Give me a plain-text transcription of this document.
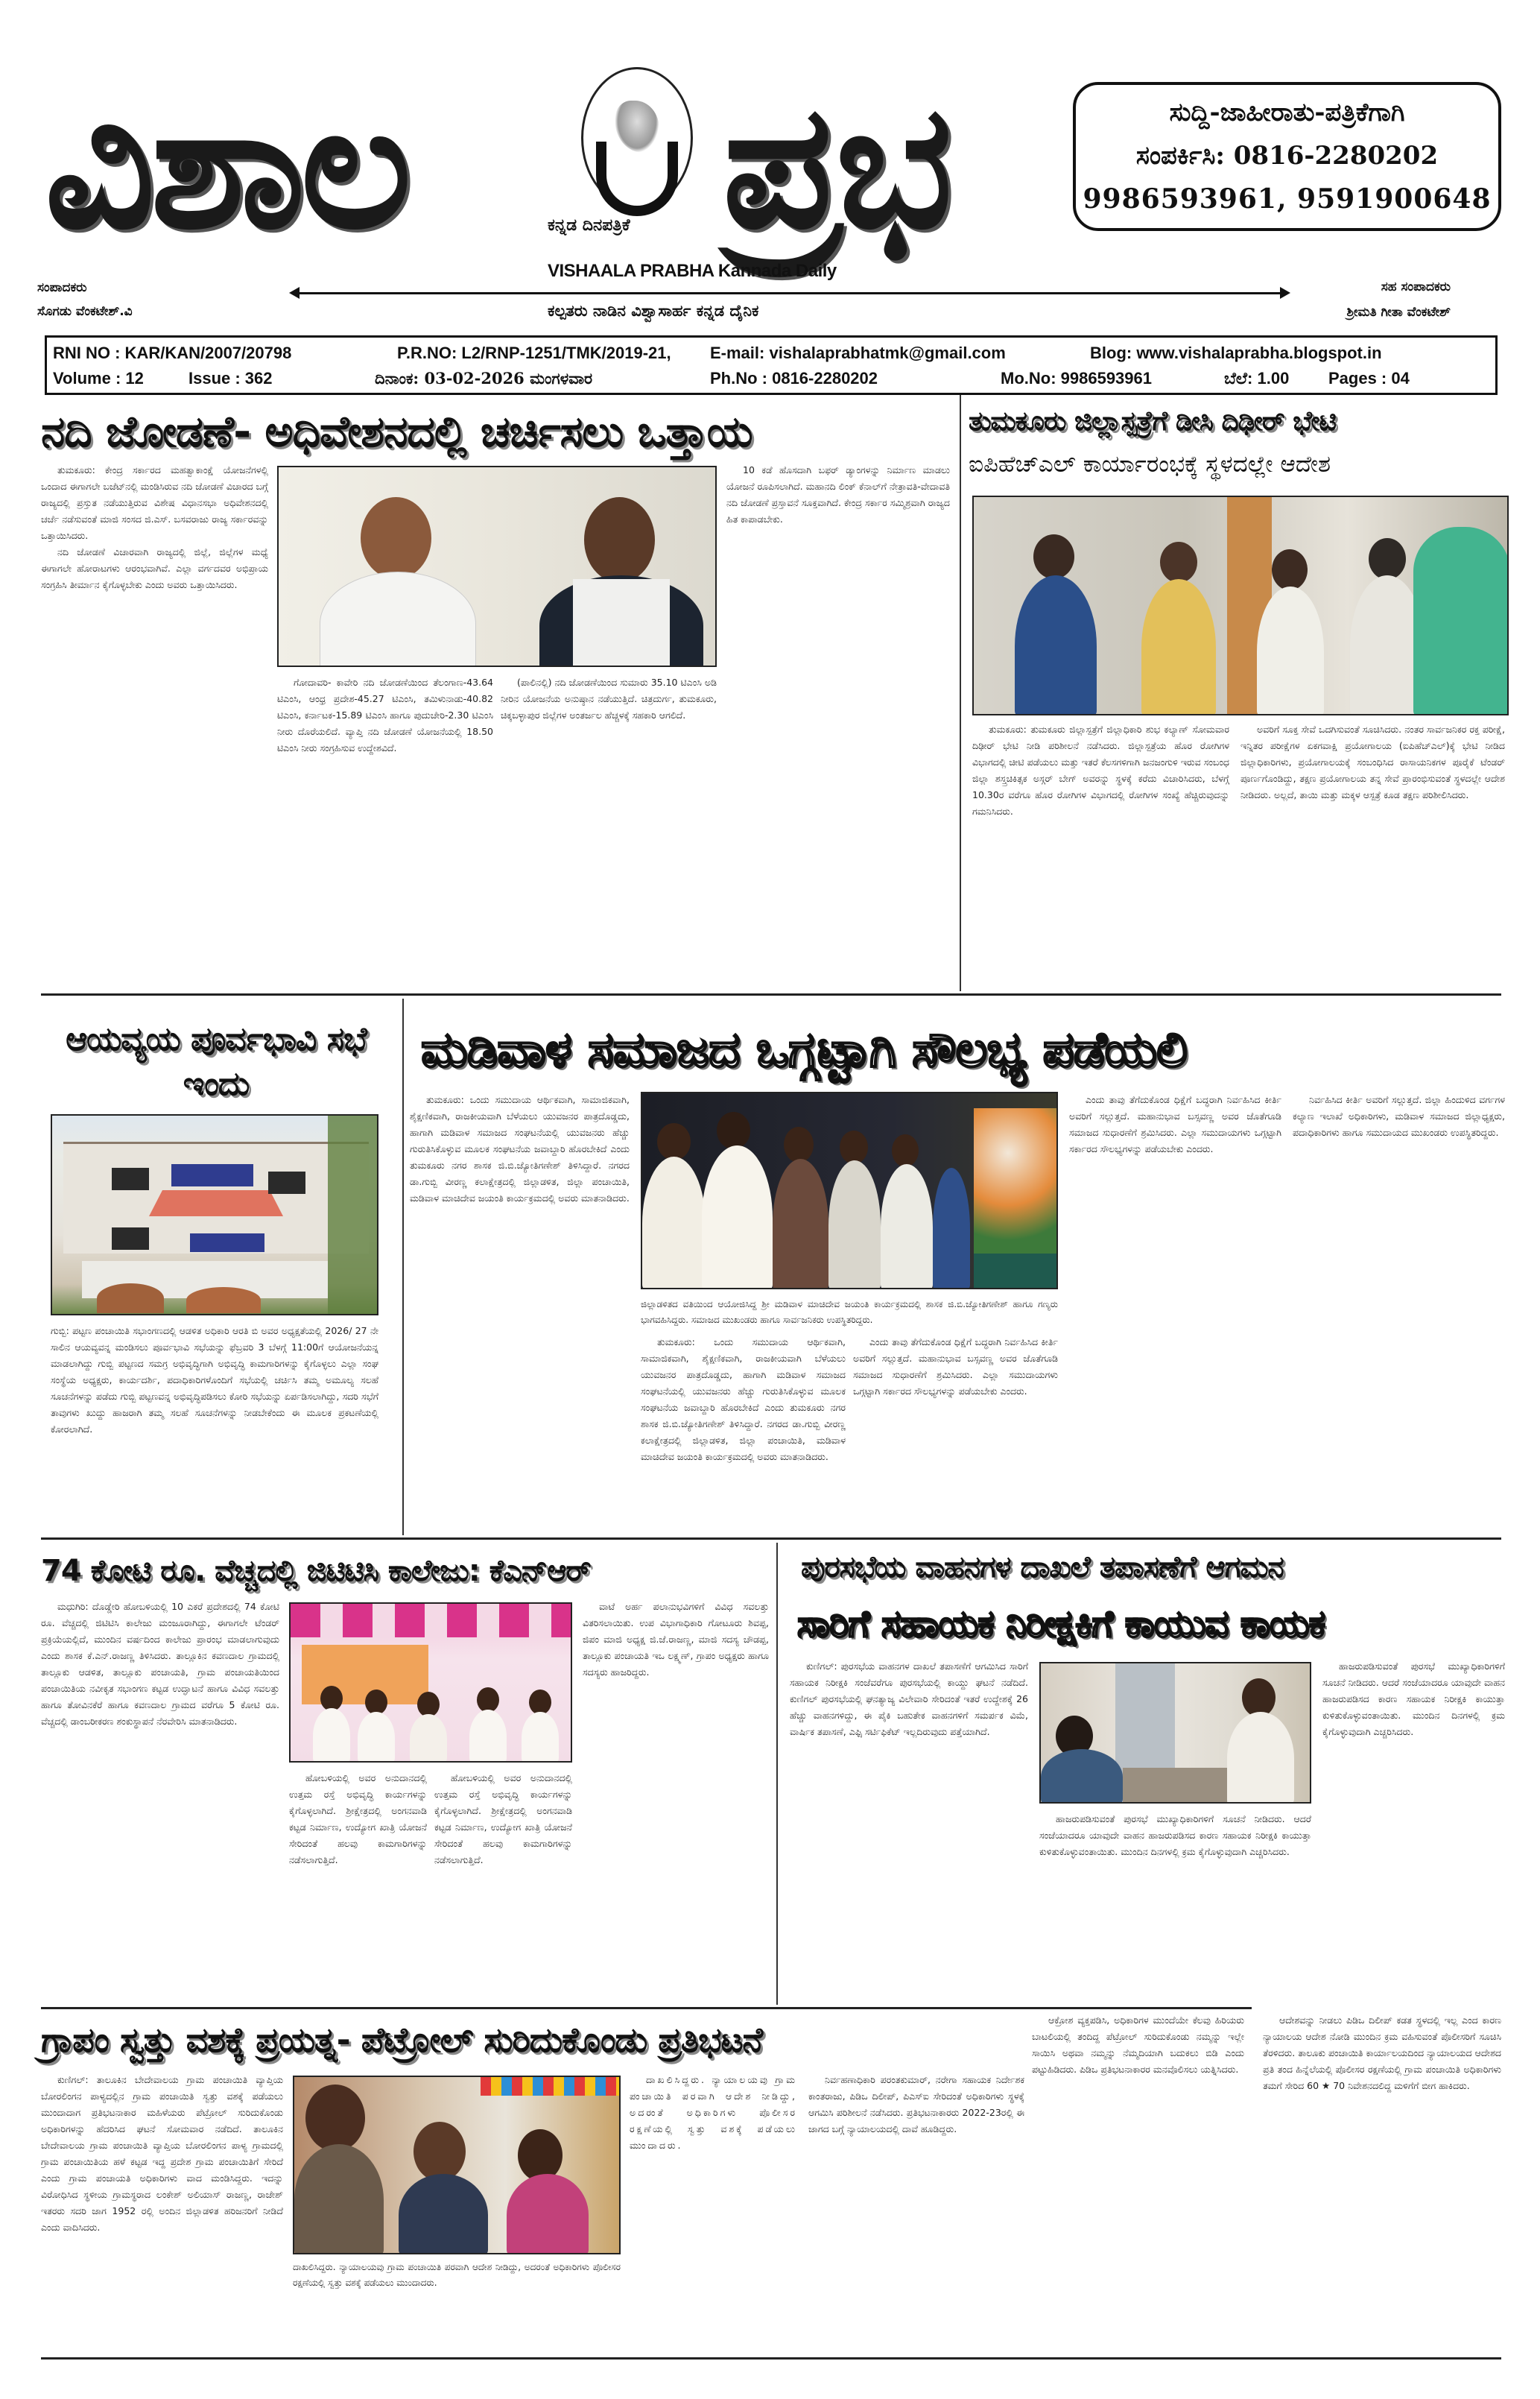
ವಿಶಾಲ ಪ್ರಭ
ಕನ್ನಡ ದಿನಪತ್ರಿಕೆ
VISHAALA PRABHA Kannada Daily
ಕಲ್ಪತರು ನಾಡಿನ ವಿಶ್ವಾಸಾರ್ಹ ಕನ್ನಡ ದೈನಿಕ
ಸಂಪಾದಕರು
ಸೊಗಡು ವೆಂಕಟೇಶ್.ವಿ
ಸಹ ಸಂಪಾದಕರು
ಶ್ರೀಮತಿ ಗೀತಾ ವೆಂಕಟೇಶ್
ಸುದ್ದಿ-ಜಾಹೀರಾತು-ಪತ್ರಿಕೆಗಾಗಿ
ಸಂಪರ್ಕಿಸಿ: 0816-2280202
9986593961, 9591900648
RNI NO : KAR/KAN/2007/20798	P.R.NO: L2/RNP-1251/TMK/2019-21, E-mail: vishalaprabhatmk@gmail.com	Blog: www.vishalaprabha.blogspot.in
Volume : 12	Issue : 362	ದಿನಾಂಕ: 03-02-2026 ಮಂಗಳವಾರ	Ph.No : 0816-2280202	Mo.No: 9986593961	ಬೆಲೆ: 1.00 Pages : 04
ನದಿ ಜೋಡಣೆ- ಅಧಿವೇಶನದಲ್ಲಿ ಚರ್ಚಿಸಲು ಒತ್ತಾಯ

ತುಮಕೂರು: ಕೇಂದ್ರ ಸರ್ಕಾರದ ಮಹತ್ವಾಕಾಂಕ್ಷೆ ಯೋಜನೆಗಳಲ್ಲಿ ಒಂದಾದ ಈಗಾಗಲೇ ಬಜೆಟ್‌ನಲ್ಲಿ ಮಂಡಿಸಿರುವ ನದಿ ಜೋಡಣೆ ವಿಚಾರದ ಬಗ್ಗೆ ರಾಜ್ಯದಲ್ಲಿ ಪ್ರಸ್ತುತ ನಡೆಯುತ್ತಿರುವ ವಿಶೇಷ ವಿಧಾನಸಭಾ ಅಧಿವೇಶನದಲ್ಲಿ ಚರ್ಚೆ ನಡೆಸುವಂತೆ ಮಾಜಿ ಸಂಸದ ಜಿ.ಎಸ್. ಬಸವರಾಜು ರಾಜ್ಯ ಸರ್ಕಾರವನ್ನು ಒತ್ತಾಯಿಸಿದರು.

ನದಿ ಜೋಡಣೆ ವಿಚಾರವಾಗಿ ರಾಜ್ಯದಲ್ಲಿ ಜಿಲ್ಲೆ, ಜಿಲ್ಲೆಗಳ ಮಧ್ಯೆ ಈಗಾಗಲೇ ಹೋರಾಟಗಳು ಆರಂಭವಾಗಿವೆ. ಎಲ್ಲಾ ವರ್ಗದವರ ಅಭಿಪ್ರಾಯ ಸಂಗ್ರಹಿಸಿ ತೀರ್ಮಾನ ಕೈಗೊಳ್ಳಬೇಕು ಎಂದು ಅವರು ಒತ್ತಾಯಿಸಿದರು.

ಗೋದಾವರಿ- ಕಾವೇರಿ ನದಿ ಜೋಡಣೆಯಿಂದ ತೆಲಂಗಾಣ-43.64 ಟಿಎಂಸಿ, ಆಂಧ್ರ ಪ್ರದೇಶ-45.27 ಟಿಎಂಸಿ, ತಮಿಳುನಾಡು-40.82 ಟಿಎಂಸಿ, ಕರ್ನಾಟಕ-15.89 ಟಿಎಂಸಿ ಹಾಗೂ ಪುದುಚೇರಿ-2.30 ಟಿಎಂಸಿ ನೀರು ದೊರೆಯಲಿದೆ. ವ್ಯಾಪ್ತಿ ನದಿ ಜೋಡಣೆ ಯೋಜನೆಯಲ್ಲಿ 18.50 ಟಿಎಂಸಿ ನೀರು ಸಂಗ್ರಹಿಸುವ ಉದ್ದೇಶವಿದೆ.

(ಪಾಲಿನಲ್ಲಿ) ನದಿ ಜೋಡಣೆಯಿಂದ ಸುಮಾರು 35.10 ಟಿಎಂಸಿ ಅಡಿ ನೀರಿನ ಯೋಜನೆಯ ಅನುಷ್ಠಾನ ನಡೆಯುತ್ತಿದೆ. ಚಿತ್ರದುರ್ಗ, ತುಮಕೂರು, ಚಿಕ್ಕಬಳ್ಳಾಪುರ ಜಿಲ್ಲೆಗಳ ಅಂತರ್ಜಲ ಹೆಚ್ಚಳಕ್ಕೆ ಸಹಕಾರಿ ಆಗಲಿದೆ.

10 ಕಡೆ ಹೊಸದಾಗಿ ಬಫರ್ ಡ್ಯಾಂಗಳನ್ನು ನಿರ್ಮಾಣ ಮಾಡಲು ಯೋಜನೆ ರೂಪಿಸಲಾಗಿದೆ. ಮಹಾನದಿ ಲಿಂಕ್ ಕೆನಾಲ್‌ಗೆ ನೇತ್ರಾವತಿ-ವೇದಾವತಿ ನದಿ ಜೋಡಣೆ ಪ್ರಸ್ತಾವನೆ ಸೂಕ್ತವಾಗಿದೆ. ಕೇಂದ್ರ ಸರ್ಕಾರ ಸಮ್ಮಿಶ್ರವಾಗಿ ರಾಜ್ಯದ ಹಿತ ಕಾಪಾಡಬೇಕು.

ತುಮಕೂರು ಜಿಲ್ಲಾಸ್ಪತ್ರೆಗೆ ಡೀಸಿ ದಿಢೀರ್ ಭೇಟಿ
ಐಪಿಹೆಚ್‌ಎಲ್ ಕಾರ್ಯಾರಂಭಕ್ಕೆ ಸ್ಥಳದಲ್ಲೇ ಆದೇಶ

ತುಮಕೂರು: ತುಮಕೂರು ಜಿಲ್ಲಾಸ್ಪತ್ರೆಗೆ ಜಿಲ್ಲಾಧಿಕಾರಿ ಶುಭ ಕಲ್ಯಾಣ್ ಸೋಮವಾರ ದಿಢೀರ್ ಭೇಟಿ ನೀಡಿ ಪರಿಶೀಲನೆ ನಡೆಸಿದರು. ಜಿಲ್ಲಾಸ್ಪತ್ರೆಯ ಹೊರ ರೋಗಿಗಳ ವಿಭಾಗದಲ್ಲಿ ಚೀಟಿ ಪಡೆಯಲು ಮತ್ತು ಇತರೆ ಕೆಲಸಗಳಿಗಾಗಿ ಜನಜಂಗುಳಿ ಇರುವ ಸಂಬಂಧ ಜಿಲ್ಲಾ ಶಸ್ತ್ರಚಿಕಿತ್ಸಕ ಅಸ್ಗರ್ ಬೇಗ್ ಅವರನ್ನು ಸ್ಥಳಕ್ಕೆ ಕರೆದು ವಿಚಾರಿಸಿದರು, ಬೆಳಗ್ಗೆ 10.30ರ ವರೆಗೂ ಹೊರ ರೋಗಿಗಳ ವಿಭಾಗದಲ್ಲಿ ರೋಗಿಗಳ ಸಂಖ್ಯೆ ಹೆಚ್ಚಿರುವುದನ್ನು ಗಮನಿಸಿದರು.

ಅವರಿಗೆ ಸೂಕ್ತ ಸೇವೆ ಒದಗಿಸುವಂತೆ ಸೂಚಿಸಿದರು. ನಂತರ ಸಾರ್ವಜನಿಕರ ರಕ್ತ ಪರೀಕ್ಷೆ, ಇನ್ನಿತರ ಪರೀಕ್ಷೆಗಳ ಏಕಗವಾಕ್ಷಿ ಪ್ರಯೋಗಾಲಯ (ಐಪಿಹೆಚ್‌ಎಲ್)ಕ್ಕೆ ಭೇಟಿ ನೀಡಿದ ಜಿಲ್ಲಾಧಿಕಾರಿಗಳು, ಪ್ರಯೋಗಾಲಯಕ್ಕೆ ಸಂಬಂಧಿಸಿದ ರಾಸಾಯನಿಕಗಳ ಪೂರೈಕೆ ಟೆಂಡರ್ ಪೂರ್ಣಗೊಂಡಿದ್ದು, ತಕ್ಷಣ ಪ್ರಯೋಗಾಲಯ ತನ್ನ ಸೇವೆ ಪ್ರಾರಂಭಿಸುವಂತೆ ಸ್ಥಳದಲ್ಲೇ ಆದೇಶ ನೀಡಿದರು. ಅಲ್ಲದೆ, ತಾಯಿ ಮತ್ತು ಮಕ್ಕಳ ಆಸ್ಪತ್ರೆ ಕೂಡ ತಕ್ಷಣ ಪರಿಶೀಲಿಸಿದರು.

ಆಯವ್ಯಯ ಪೂರ್ವಭಾವಿ ಸಭೆ ಇಂದು

ಗುಬ್ಬಿ: ಪಟ್ಟಣ ಪಂಚಾಯಿತಿ ಸಭಾಂಗಣದಲ್ಲಿ ಆಡಳಿತ ಅಧಿಕಾರಿ ಆರತಿ ಬಿ ಅವರ ಅಧ್ಯಕ್ಷತೆಯಲ್ಲಿ 2026/ 27 ನೇ ಸಾಲಿನ ಆಯವ್ಯವನ್ನ ಮಂಡಿಸಲು ಪೂರ್ವಭಾವಿ ಸಭೆಯನ್ನು ಫೆಬ್ರವರಿ 3 ಬೆಳಗ್ಗೆ 11:00ಗೆ ಆಯೋಜನೆಯನ್ನ ಮಾಡಲಾಗಿದ್ದು ಗುಬ್ಬಿ ಪಟ್ಟಣದ ಸಮಗ್ರ ಅಭಿವೃದ್ಧಿಗಾಗಿ ಅಭಿವೃದ್ಧಿ ಕಾಮಗಾರಿಗಳನ್ನು ಕೈಗೊಳ್ಳಲು ಎಲ್ಲಾ ಸಂಘ ಸಂಸ್ಥೆಯ ಅಧ್ಯಕ್ಷರು, ಕಾರ್ಯದರ್ಶಿ, ಪದಾಧಿಕಾರಿಗಳೊಂದಿಗೆ ಸಭೆಯಲ್ಲಿ ಚರ್ಚಿಸಿ ತಮ್ಮ ಅಮೂಲ್ಯ ಸಲಹೆ ಸೂಚನೆಗಳನ್ನು ಪಡೆದು ಗುಬ್ಬಿ ಪಟ್ಟಣವನ್ನ ಅಭಿವೃದ್ಧಿಪಡಿಸಲು ಕೋರಿ ಸಭೆಯನ್ನು ಏರ್ಪಡಿಸಲಾಗಿದ್ದು, ಸದರಿ ಸಭೆಗೆ ತಾವುಗಳು ಖುದ್ದು ಹಾಜರಾಗಿ ತಮ್ಮ ಸಲಹೆ ಸೂಚನೆಗಳನ್ನು ನೀಡಬೇಕೆಂದು ಈ ಮೂಲಕ ಪ್ರಕಟಣೆಯಲ್ಲಿ ಕೋರಲಾಗಿದೆ.

ಮಡಿವಾಳ ಸಮಾಜದ ಒಗ್ಗಟ್ಟಾಗಿ ಸೌಲಭ್ಯ ಪಡೆಯಲಿ

ತುಮಕೂರು: ಒಂದು ಸಮುದಾಯ ಆರ್ಥಿಕವಾಗಿ, ಸಾಮಾಜಿಕವಾಗಿ, ಶೈಕ್ಷಣಿಕವಾಗಿ, ರಾಜಕೀಯವಾಗಿ ಬೆಳೆಯಲು ಯುವಜನರ ಪಾತ್ರದೊಡ್ಡದು, ಹಾಗಾಗಿ ಮಡಿವಾಳ ಸಮಾಜದ ಸಂಘಟನೆಯಲ್ಲಿ ಯುವಜನರು ಹೆಚ್ಚು ಗುರುತಿಸಿಕೊಳ್ಳುವ ಮೂಲಕ ಸಂಘಟನೆಯ ಜವಾಬ್ದಾರಿ ಹೊರಬೇಕಿದೆ ಎಂದು ತುಮಕೂರು ನಗರ ಶಾಸಕ ಜಿ.ಬಿ.ಜ್ಯೋತಿಗಣೇಶ್ ತಿಳಿಸಿದ್ದಾರೆ. ನಗರದ ಡಾ.ಗುಬ್ಬಿ ವೀರಣ್ಣ ಕಲಾಕ್ಷೇತ್ರದಲ್ಲಿ ಜಿಲ್ಲಾಡಳಿತ, ಜಿಲ್ಲಾ ಪಂಚಾಯಿತಿ, ಮಡಿವಾಳ ಮಾಚಿದೇವ ಜಯಂತಿ ಕಾರ್ಯಕ್ರಮದಲ್ಲಿ ಅವರು ಮಾತನಾಡಿದರು.

ಜಿಲ್ಲಾಡಳಿತದ ವತಿಯಿಂದ ಆಯೋಜಿಸಿದ್ದ ಶ್ರೀ ಮಡಿವಾಳ ಮಾಚಿದೇವ ಜಯಂತಿ ಕಾರ್ಯಕ್ರಮದಲ್ಲಿ ಶಾಸಕ ಜಿ.ಬಿ.ಜ್ಯೋತಿಗಣೇಶ್ ಹಾಗೂ ಗಣ್ಯರು ಭಾಗವಹಿಸಿದ್ದರು. ಸಮಾಜದ ಮುಖಂಡರು ಹಾಗೂ ಸಾರ್ವಜನಿಕರು ಉಪಸ್ಥಿತರಿದ್ದರು.

ತುಮಕೂರು: ಒಂದು ಸಮುದಾಯ ಆರ್ಥಿಕವಾಗಿ, ಸಾಮಾಜಿಕವಾಗಿ, ಶೈಕ್ಷಣಿಕವಾಗಿ, ರಾಜಕೀಯವಾಗಿ ಬೆಳೆಯಲು ಯುವಜನರ ಪಾತ್ರದೊಡ್ಡದು, ಹಾಗಾಗಿ ಮಡಿವಾಳ ಸಮಾಜದ ಸಂಘಟನೆಯಲ್ಲಿ ಯುವಜನರು ಹೆಚ್ಚು ಗುರುತಿಸಿಕೊಳ್ಳುವ ಮೂಲಕ ಸಂಘಟನೆಯ ಜವಾಬ್ದಾರಿ ಹೊರಬೇಕಿದೆ ಎಂದು ತುಮಕೂರು ನಗರ ಶಾಸಕ ಜಿ.ಬಿ.ಜ್ಯೋತಿಗಣೇಶ್ ತಿಳಿಸಿದ್ದಾರೆ. ನಗರದ ಡಾ.ಗುಬ್ಬಿ ವೀರಣ್ಣ ಕಲಾಕ್ಷೇತ್ರದಲ್ಲಿ ಜಿಲ್ಲಾಡಳಿತ, ಜಿಲ್ಲಾ ಪಂಚಾಯಿತಿ, ಮಡಿವಾಳ ಮಾಚಿದೇವ ಜಯಂತಿ ಕಾರ್ಯಕ್ರಮದಲ್ಲಿ ಅವರು ಮಾತನಾಡಿದರು.

ಎಂದು ತಾವು ತೆಗೆದುಕೊಂಡ ಧಿಕ್ಷೆಗೆ ಬದ್ಧರಾಗಿ ನಿರ್ವಹಿಸಿದ ಕೀರ್ತಿ ಅವರಿಗೆ ಸಲ್ಲುತ್ತದೆ. ಮಹಾನುಭಾವ ಬಸ್ಸವಣ್ಣ ಅವರ ಜೊತೆಗೂಡಿ ಸಮಾಜದ ಸುಧಾರಣೆಗೆ ಶ್ರಮಿಸಿದರು. ಎಲ್ಲಾ ಸಮುದಾಯಗಳು ಒಗ್ಗಟ್ಟಾಗಿ ಸರ್ಕಾರದ ಸೌಲಭ್ಯಗಳನ್ನು ಪಡೆಯಬೇಕು ಎಂದರು.

ಎಂದು ತಾವು ತೆಗೆದುಕೊಂಡ ಧಿಕ್ಷೆಗೆ ಬದ್ಧರಾಗಿ ನಿರ್ವಹಿಸಿದ ಕೀರ್ತಿ ಅವರಿಗೆ ಸಲ್ಲುತ್ತದೆ. ಮಹಾನುಭಾವ ಬಸ್ಸವಣ್ಣ ಅವರ ಜೊತೆಗೂಡಿ ಸಮಾಜದ ಸುಧಾರಣೆಗೆ ಶ್ರಮಿಸಿದರು. ಎಲ್ಲಾ ಸಮುದಾಯಗಳು ಒಗ್ಗಟ್ಟಾಗಿ ಸರ್ಕಾರದ ಸೌಲಭ್ಯಗಳನ್ನು ಪಡೆಯಬೇಕು ಎಂದರು.

ನಿರ್ವಹಿಸಿದ ಕೀರ್ತಿ ಅವರಿಗೆ ಸಲ್ಲುತ್ತದೆ. ಜಿಲ್ಲಾ ಹಿಂದುಳಿದ ವರ್ಗಗಳ ಕಲ್ಯಾಣ ಇಲಾಖೆ ಅಧಿಕಾರಿಗಳು, ಮಡಿವಾಳ ಸಮಾಜದ ಜಿಲ್ಲಾಧ್ಯಕ್ಷರು, ಪದಾಧಿಕಾರಿಗಳು ಹಾಗೂ ಸಮುದಾಯದ ಮುಖಂಡರು ಉಪಸ್ಥಿತರಿದ್ದರು.

74 ಕೋಟಿ ರೂ. ವೆಚ್ಚದಲ್ಲಿ ಜಿಟಿಟಿಸಿ ಕಾಲೇಜು: ಕೆಎನ್‌ಆರ್

ಮಧುಗಿರಿ: ದೊಡ್ಡೇರಿ ಹೋಬಳಿಯಲ್ಲಿ 10 ಎಕರೆ ಪ್ರದೇಶದಲ್ಲಿ 74 ಕೋಟಿ ರೂ. ವೆಚ್ಚದಲ್ಲಿ ಜಿಟಿಟಿಸಿ ಕಾಲೇಜು ಮಂಜೂರಾಗಿದ್ದು, ಈಗಾಗಲೇ ಟೆಂಡರ್ ಪ್ರಕ್ರಿಯೆಯಲ್ಲಿದೆ, ಮುಂದಿನ ವರ್ಷದಿಂದ ಕಾಲೇಜು ಪ್ರಾರಂಭ ಮಾಡಲಾಗುವುದು ಎಂದು ಶಾಸಕ ಕೆ.ಎನ್.ರಾಜಣ್ಣ ತಿಳಿಸಿದರು. ತಾಲ್ಲೂಕಿನ ಕವಣದಾಲ ಗ್ರಾಮದಲ್ಲಿ ತಾಲ್ಲೂಕು ಆಡಳಿತ, ತಾಲ್ಲೂಕು ಪಂಚಾಯತಿ, ಗ್ರಾಮ ಪಂಚಾಯತಿಯಿಂದ ಪಂಚಾಯಿತಿಯ ನವೀಕೃತ ಸಭಾಂಗಣ ಕಟ್ಟಡ ಉದ್ಘಾಟನೆ ಹಾಗೂ ವಿವಿಧ ಸವಲತ್ತು ಹಾಗೂ ತೋವಿನಕೆರೆ ಹಾಗೂ ಕವಣದಾಲ ಗ್ರಾಮದ ವರೆಗೂ 5 ಕೋಟಿ ರೂ. ವೆಚ್ಚದಲ್ಲಿ ಡಾಂಬರೀಕರಣ ಶಂಕುಸ್ಥಾಪನೆ ನೆರವೇರಿಸಿ ಮಾತನಾಡಿದರು.

ಹೋಬಳಿಯಲ್ಲಿ ಅವರ ಅನುದಾನದಲ್ಲಿ ಉತ್ತಮ ರಸ್ತೆ ಅಭಿವೃದ್ಧಿ ಕಾರ್ಯಗಳನ್ನು ಕೈಗೊಳ್ಳಲಾಗಿದೆ. ಶ್ರೀಕ್ಷೇತ್ರದಲ್ಲಿ ಅಂಗನವಾಡಿ ಕಟ್ಟಡ ನಿರ್ಮಾಣ, ಉದ್ಯೋಗ ಖಾತ್ರಿ ಯೋಜನೆ ಸೇರಿದಂತೆ ಹಲವು ಕಾಮಗಾರಿಗಳನ್ನು ನಡೆಸಲಾಗುತ್ತಿದೆ.

ಹೋಬಳಿಯಲ್ಲಿ ಅವರ ಅನುದಾನದಲ್ಲಿ ಉತ್ತಮ ರಸ್ತೆ ಅಭಿವೃದ್ಧಿ ಕಾರ್ಯಗಳನ್ನು ಕೈಗೊಳ್ಳಲಾಗಿದೆ. ಶ್ರೀಕ್ಷೇತ್ರದಲ್ಲಿ ಅಂಗನವಾಡಿ ಕಟ್ಟಡ ನಿರ್ಮಾಣ, ಉದ್ಯೋಗ ಖಾತ್ರಿ ಯೋಜನೆ ಸೇರಿದಂತೆ ಹಲವು ಕಾಮಗಾರಿಗಳನ್ನು ನಡೆಸಲಾಗುತ್ತಿದೆ.

ವಾಟೆ ಅರ್ಹ ಪಲಾನುಭವಿಗಳಿಗೆ ವಿವಿಧ ಸವಲತ್ತು ವಿತರಿಸಲಾಯಿತು. ಉಪ ವಿಭಾಗಾಧಿಕಾರಿ ಗೋಟೂರು ಶಿವಪ್ಪ, ಜಿಪಂ ಮಾಜಿ ಅಧ್ಯಕ್ಷ ಜಿ.ಜೆ.ರಾಜಣ್ಣ, ಮಾಜಿ ಸದಸ್ಯ ಚೌಡಪ್ಪ, ತಾಲ್ಲೂಕು ಪಂಚಾಯತಿ ಇಒ ಲಕ್ಷ್ಮಣ್, ಗ್ರಾಪಂ ಅಧ್ಯಕ್ಷರು ಹಾಗೂ ಸದಸ್ಯರು ಹಾಜರಿದ್ದರು.

ಪುರಸಭೆಯ ವಾಹನಗಳ ದಾಖಲೆ ತಪಾಸಣೆಗೆ ಆಗಮನ
ಸಾರಿಗೆ ಸಹಾಯಕ ನಿರೀಕ್ಷಕಿಗೆ ಕಾಯುವ ಕಾಯಕ

ಕುಣಿಗಲ್: ಪುರಸಭೆಯ ವಾಹನಗಳ ದಾಖಲೆ ತಪಾಸಣೆಗೆ ಆಗಮಿಸಿದ ಸಾರಿಗೆ ಸಹಾಯಕ ನಿರೀಕ್ಷಕಿ ಸಂಜೆವರೆಗೂ ಪುರಸಭೆಯಲ್ಲಿ ಕಾಯ್ದು ಘಟನೆ ನಡೆದಿದೆ. ಕುಣಿಗಲ್ ಪುರಸಭೆಯಲ್ಲಿ ಘನತ್ಯಾಜ್ಯ ವಿಲೇವಾರಿ ಸೇರಿದಂತೆ ಇತರೆ ಉದ್ದೇಶಕ್ಕೆ 26 ಹೆಚ್ಚು ವಾಹನಗಳಿದ್ದು, ಈ ಪೈಕಿ ಬಹುತೇಕ ವಾಹನಗಳಿಗೆ ಸಮರ್ಪಕ ವಿಮೆ, ವಾರ್ಷಿಕ ತಪಾಸಣೆ, ಎಫ್ಸಿ ಸರ್ಟಿಫಿಕೆಟ್ ಇಲ್ಲದಿರುವುದು ಪತ್ತೆಯಾಗಿದೆ.

ಹಾಜರುಪಡಿಸುವಂತೆ ಪುರಸಭೆ ಮುಖ್ಯಾಧಿಕಾರಿಗಳಿಗೆ ಸೂಚನೆ ನೀಡಿದರು. ಆದರೆ ಸಂಜೆಯಾದರೂ ಯಾವುದೇ ವಾಹನ ಹಾಜರುಪಡಿಸದ ಕಾರಣ ಸಹಾಯಕ ನಿರೀಕ್ಷಕಿ ಕಾಯುತ್ತಾ ಕುಳಿತುಕೊಳ್ಳುವಂತಾಯಿತು. ಮುಂದಿನ ದಿನಗಳಲ್ಲಿ ಕ್ರಮ ಕೈಗೊಳ್ಳುವುದಾಗಿ ಎಚ್ಚರಿಸಿದರು.

ಹಾಜರುಪಡಿಸುವಂತೆ ಪುರಸಭೆ ಮುಖ್ಯಾಧಿಕಾರಿಗಳಿಗೆ ಸೂಚನೆ ನೀಡಿದರು. ಆದರೆ ಸಂಜೆಯಾದರೂ ಯಾವುದೇ ವಾಹನ ಹಾಜರುಪಡಿಸದ ಕಾರಣ ಸಹಾಯಕ ನಿರೀಕ್ಷಕಿ ಕಾಯುತ್ತಾ ಕುಳಿತುಕೊಳ್ಳುವಂತಾಯಿತು. ಮುಂದಿನ ದಿನಗಳಲ್ಲಿ ಕ್ರಮ ಕೈಗೊಳ್ಳುವುದಾಗಿ ಎಚ್ಚರಿಸಿದರು.

ಗ್ರಾಪಂ ಸ್ವತ್ತು ವಶಕ್ಕೆ ಪ್ರಯತ್ನ- ಪೆಟ್ರೋಲ್ ಸುರಿದುಕೊಂಡು ಪ್ರತಿಭಟನೆ

ಕುಣಿಗಲ್: ತಾಲೂಕಿನ ಬೇದೇವಾಲಯ ಗ್ರಾಮ ಪಂಚಾಯಿತಿ ವ್ಯಾಪ್ತಿಯ ಬೋರಲಿಂಗನ ಪಾಳ್ಯದಲ್ಲಿನ ಗ್ರಾಮ ಪಂಚಾಯಿತಿ ಸ್ವತ್ತು ವಶಕ್ಕೆ ಪಡೆಯಲು ಮುಂದಾದಾಗ ಪ್ರತಿಭಟನಾಕಾರ ಮಹಿಳೆಯರು ಪೆಟ್ರೋಲ್ ಸುರಿದುಕೊಂಡು ಅಧಿಕಾರಿಗಳನ್ನು ಹೆದರಿಸಿದ ಘಟನೆ ಸೋಮವಾರ ನಡೆದಿದೆ. ತಾಲೂಕಿನ ಬೇದೇವಾಲಯ ಗ್ರಾಮ ಪಂಚಾಯಿತಿ ವ್ಯಾಪ್ತಿಯ ಬೋರಲಿಂಗನ ಪಾಳ್ಯ ಗ್ರಾಮದಲ್ಲಿ ಗ್ರಾಮ ಪಂಚಾಯಿತಿಯ ಹಳೆ ಕಟ್ಟಡ ಇದ್ದ ಪ್ರದೇಶ ಗ್ರಾಮ ಪಂಚಾಯಿತಿಗೆ ಸೇರಿದೆ ಎಂದು ಗ್ರಾಮ ಪಂಚಾಯತಿ ಅಧಿಕಾರಿಗಳು ವಾದ ಮಂಡಿಸಿದ್ದರು. ಇದನ್ನು ವಿರೋಧಿಸಿದ ಸ್ಥಳೀಯ ಗ್ರಾಮಸ್ಥರಾದ ಲಂಕೇಶ್ ಅಲಿಯಾಸ್ ರಾಜಣ್ಣ, ರಾಜೇಶ್ ಇತರರು ಸದರಿ ಜಾಗ 1952 ರಲ್ಲಿ ಅಂದಿನ ಜಿಲ್ಲಾಡಳಿತ ಹರಿಜನರಿಗೆ ನೀಡಿದೆ ಎಂದು ವಾದಿಸಿದರು.

ದಾಖಲಿಸಿದ್ದರು. ನ್ಯಾಯಾಲಯವು ಗ್ರಾಮ ಪಂಚಾಯಿತಿ ಪರವಾಗಿ ಆದೇಶ ನೀಡಿದ್ದು, ಅದರಂತೆ ಅಧಿಕಾರಿಗಳು ಪೊಲೀಸರ ರಕ್ಷಣೆಯಲ್ಲಿ ಸ್ವತ್ತು ವಶಕ್ಕೆ ಪಡೆಯಲು ಮುಂದಾದರು.

ದಾಖಲಿಸಿದ್ದರು. ನ್ಯಾಯಾಲಯವು ಗ್ರಾಮ ಪಂಚಾಯಿತಿ ಪರವಾಗಿ ಆದೇಶ ನೀಡಿದ್ದು, ಅದರಂತೆ ಅಧಿಕಾರಿಗಳು ಪೊಲೀಸರ ರಕ್ಷಣೆಯಲ್ಲಿ ಸ್ವತ್ತು ವಶಕ್ಕೆ ಪಡೆಯಲು ಮುಂದಾದರು.

ನಿರ್ವಹಣಾಧಿಕಾರಿ ಪರಂತಕುಮಾರ್, ನರೇಗಾ ಸಹಾಯಕ ನಿರ್ದೇಶಕ ಕಾಂತರಾಜು, ಪಿಡಿಒ ದಿಲೀಪ್, ಪಿಎಸ್ಐ ಸೇರಿದಂತೆ ಅಧಿಕಾರಿಗಳು ಸ್ಥಳಕ್ಕೆ ಆಗಮಿಸಿ ಪರಿಶೀಲನೆ ನಡೆಸಿದರು. ಪ್ರತಿಭಟನಾಕಾರರು 2022-23ರಲ್ಲಿ ಈ ಜಾಗದ ಬಗ್ಗೆ ನ್ಯಾಯಾಲಯದಲ್ಲಿ ದಾವೆ ಹೂಡಿದ್ದರು.

ಆಕ್ರೋಶ ವ್ಯಕ್ತಪಡಿಸಿ, ಅಧಿಕಾರಿಗಳ ಮುಂದೆಯೇ ಕೆಲವು ಹಿರಿಯರು ಬಾಟಲಿಯಲ್ಲಿ ತಂದಿದ್ದ ಪೆಟ್ರೋಲ್ ಸುರಿದುಕೊಂಡು ನಮ್ಮನ್ನು ಇಲ್ಲೇ ಸಾಯಿಸಿ ಅಥವಾ ನಮ್ಮನ್ನು ನೆಮ್ಮದಿಯಾಗಿ ಬದುಕಲು ಬಿಡಿ ಎಂದು ಪಟ್ಟುಹಿಡಿದರು. ಪಿಡಿಒ ಪ್ರತಿಭಟನಾಕಾರರ ಮನವೊಲಿಸಲು ಯತ್ನಿಸಿದರು.

ಆದೇಶವನ್ನು ನೀಡಲು ಪಿಡಿಒ ದಿಲೀಪ್ ಕಡತ ಸ್ಥಳದಲ್ಲಿ ಇಲ್ಲ ಎಂದ ಕಾರಣ ನ್ಯಾಯಾಲಯ ಆದೇಶ ನೋಡಿ ಮುಂದಿನ ಕ್ರಮ ವಹಿಸುವಂತೆ ಪೊಲೀಸರಿಗೆ ಸೂಚಿಸಿ ತೆರಳಿದರು. ತಾಲೂಕು ಪಂಚಾಯಿತಿ ಕಾರ್ಯಾಲಯದಿಂದ ನ್ಯಾಯಾಲಯದ ಆದೇಶದ ಪ್ರತಿ ತಂದ ಹಿನ್ನೆಲೆಯಲ್ಲಿ ಪೊಲೀಸರ ರಕ್ಷಣೆಯಲ್ಲಿ ಗ್ರಾಮ ಪಂಚಾಯಿತಿ ಅಧಿಕಾರಿಗಳು ತಮಗೆ ಸೇರಿದ 60 ★ 70 ನಿವೇಶನದಲಿದ್ದ ಮಳಿಗೆಗೆ ಬೀಗ ಹಾಕಿದರು.
